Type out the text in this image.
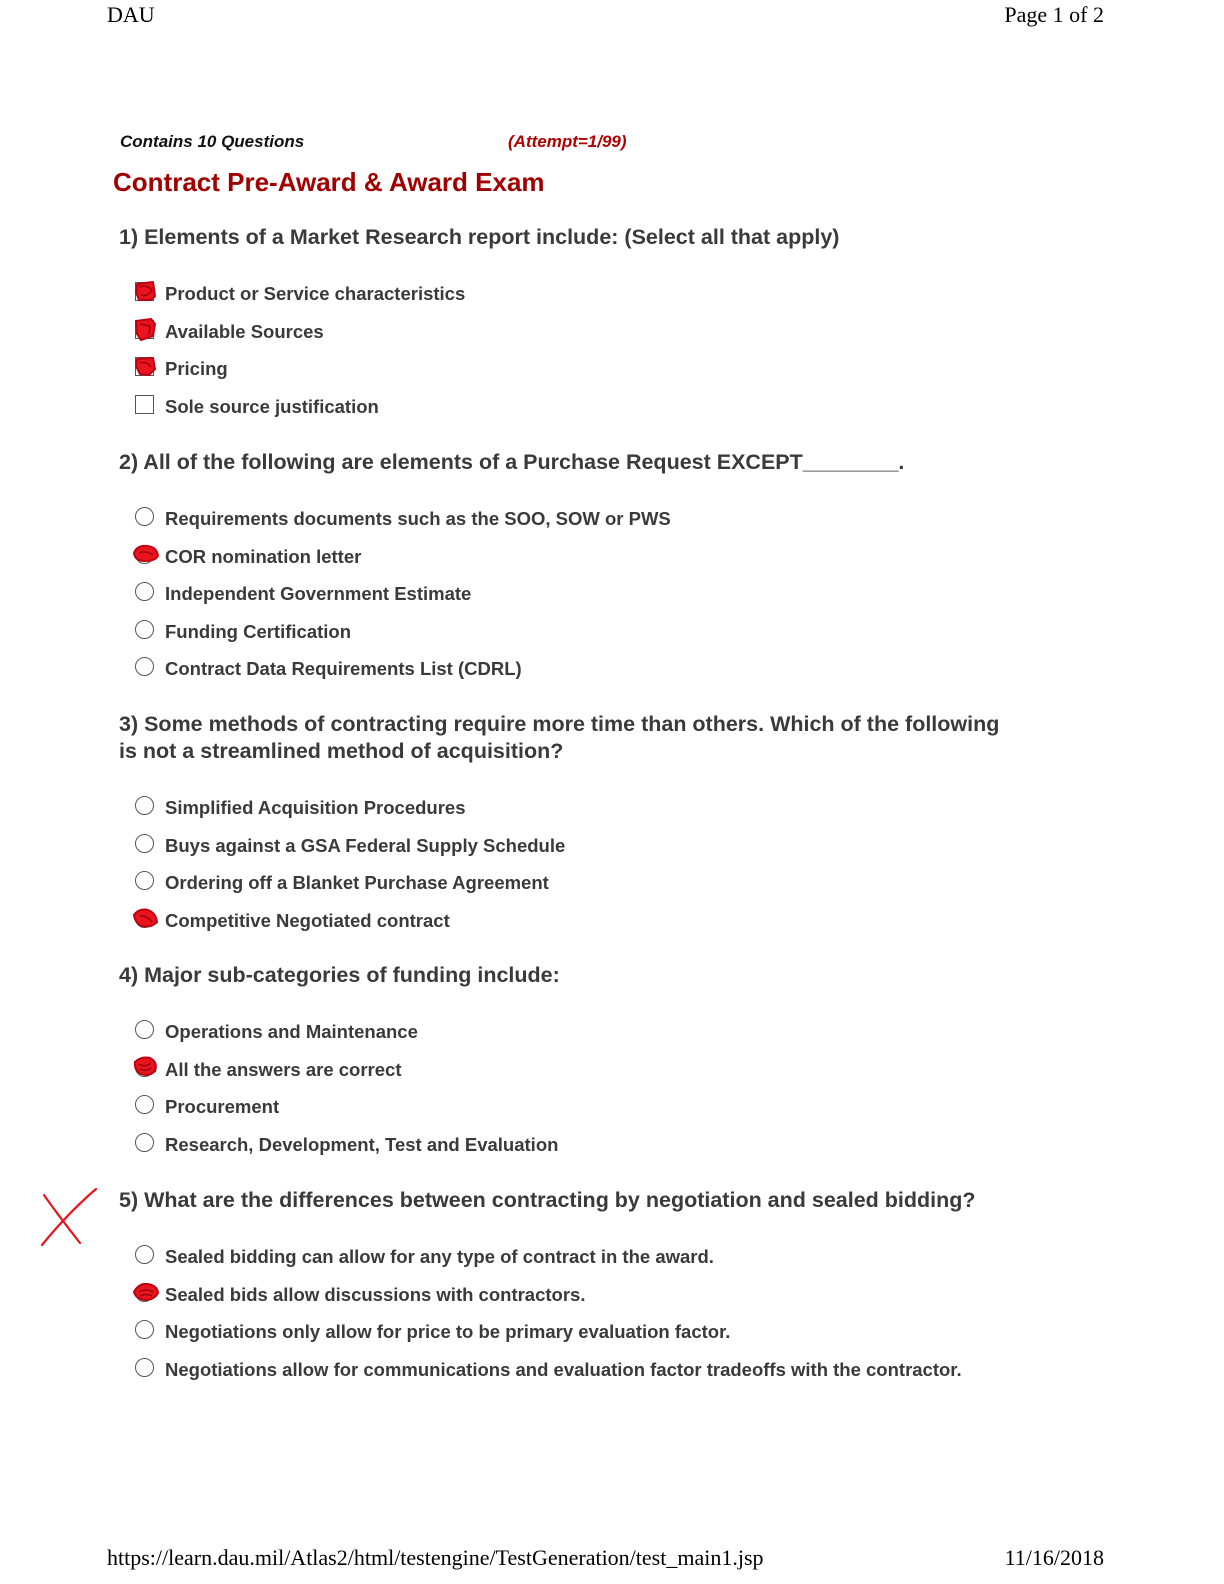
DAU	Page 1 of 2
Contains 10 Questions	(Attempt=1/99)
Contract Pre-Award & Award Exam

1) Elements of a Market Research report include: (Select all that apply)

Product or Service characteristics
Available Sources
Pricing
Sole source justification

2) All of the following are elements of a Purchase Request EXCEPT________.

Requirements documents such as the SOO, SOW or PWS
COR nomination letter
Independent Government Estimate
Funding Certification
Contract Data Requirements List (CDRL)

3) Some methods of contracting require more time than others. Which of the following is not a streamlined method of acquisition?

Simplified Acquisition Procedures
Buys against a GSA Federal Supply Schedule
Ordering off a Blanket Purchase Agreement
Competitive Negotiated contract

4) Major sub-categories of funding include:

Operations and Maintenance
All the answers are correct
Procurement
Research, Development, Test and Evaluation

5) What are the differences between contracting by negotiation and sealed bidding?

Sealed bidding can allow for any type of contract in the award.
Sealed bids allow discussions with contractors.
Negotiations only allow for price to be primary evaluation factor.
Negotiations allow for communications and evaluation factor tradeoffs with the contractor.
https://learn.dau.mil/Atlas2/html/testengine/TestGeneration/test_main1.jsp	11/16/2018
